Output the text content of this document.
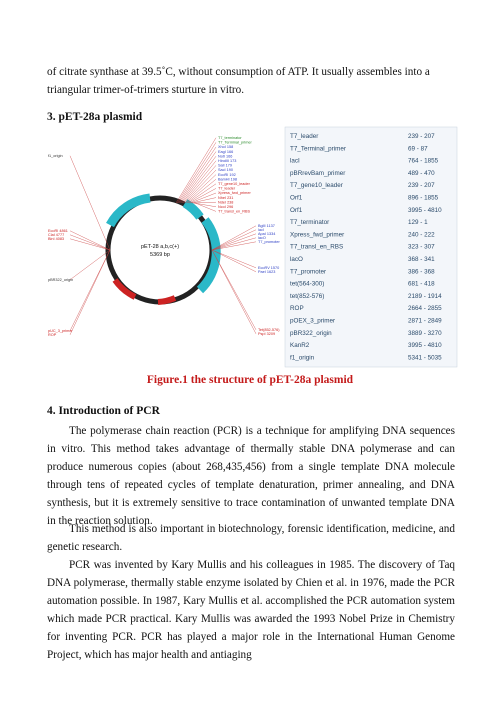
of citrate synthase at 39.5˚C, without consumption of ATP. It usually assembles into a

triangular trimer-of-trimers sturture in vitro.

3. pET-28a plasmid

pET-28 a,b,c(+)
5369 bp
T7_terminator
T7_Terminal_primer
XhoI 158
EagI 166
NotI 166
HindIII 173
SalI 179
SacI 190
EcoRI 192
BamHI 198
T7_gene10_leader
T7_leader
Xpress_fwd_primer
NheI 231
NdeI 238
NcoI 296
T7_transl_en_RBS
f1_origin
EcoRI 4861
ClaI 4777
BlnI 4083
pBR322_origin
pUC_3_primer
ROP
BglII 1137
lacI
ApaI 1334
EcoRV 1570
PaeI 1623
lacO
T7_promoter
Tet(852-576)
PspI 3209
T7_leader	239 - 207
T7_Terminal_primer	69 - 87
lacI	764 - 1855
pBRrevBam_primer	489 - 470
T7_gene10_leader	239 - 207
Orf1	896 - 1855
Orf1	3995 - 4810
T7_terminator	129 - 1
Xpress_fwd_primer	240 - 222
T7_transl_en_RBS	323 - 307
lacO	368 - 341
T7_promoter	386 - 368
tet(564-300)	681 - 418
tet(852-576)	2189 - 1914
ROP	2664 - 2855
pOEX_3_primer	2871 - 2849
pBR322_origin	3889 - 3270
KanR2	3995 - 4810
f1_origin	5341 - 5035

Figure.1 the structure of pET-28a plasmid

4. Introduction of PCR

The polymerase chain reaction (PCR) is a technique for amplifying DNA sequences in vitro. This method takes advantage of thermally stable DNA polymerase and can produce numerous copies (about 268,435,456) from a single template DNA molecule through tens of repeated cycles of template denaturation, primer annealing, and DNA synthesis, but it is extremely sensitive to trace contamination of unwanted template DNA in the reaction solution.

This method is also important in biotechnology, forensic identification, medicine, and genetic research.

PCR was invented by Kary Mullis and his colleagues in 1985. The discovery of Taq DNA polymerase, thermally stable enzyme isolated by Chien et al. in 1976, made the PCR automation possible. In 1987, Kary Mullis et al. accomplished the PCR automation system which made PCR practical. Kary Mullis was awarded the 1993 Nobel Prize in Chemistry for inventing PCR. PCR has played a major role in the International Human Genome Project, which has major health and antiaging
